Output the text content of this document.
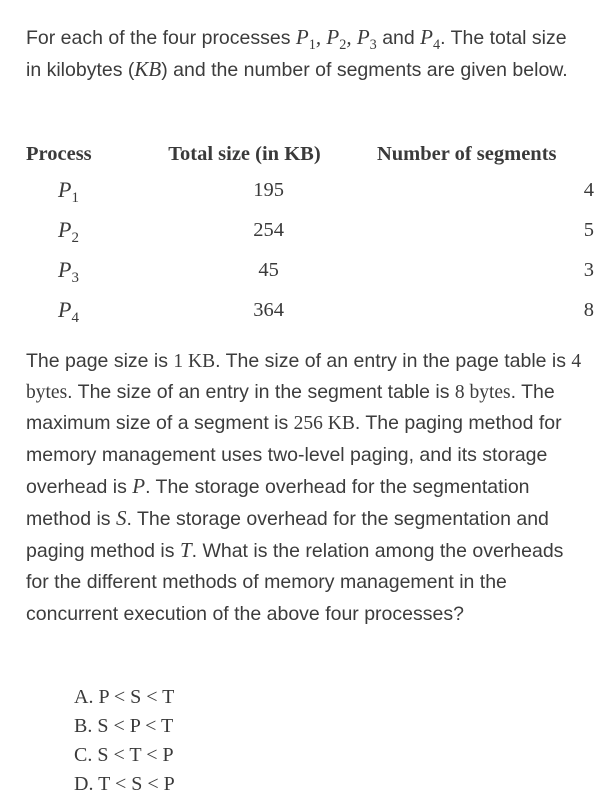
For each of the four processes $P_1$, $P_2$, $P_3$ and $P_4$. The total size in kilobytes (KB) and the number of segments are given below.

Process	Total size (in KB)	Number of segments
$P_1$	195	4
$P_2$	254	5
$P_3$	45	3
$P_4$	364	8

The page size is 1 KB. The size of an entry in the page table is 4 bytes. The size of an entry in the segment table is 8 bytes. The maximum size of a segment is 256 KB. The paging method for memory management uses two-level paging, and its storage overhead is P. The storage overhead for the segmentation method is S. The storage overhead for the segmentation and paging method is T. What is the relation among the overheads for the different methods of memory management in the concurrent execution of the above four processes?

A. P < S < T
B. S < P < T
C. S < T < P
D. T < S < P
